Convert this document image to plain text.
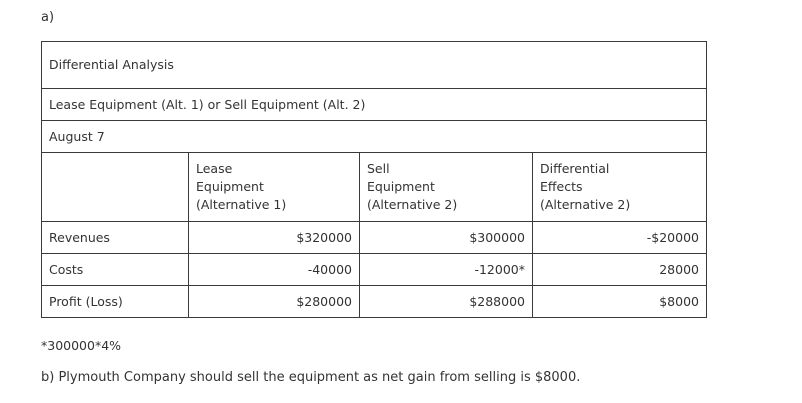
a)
Differential Analysis			
Lease Equipment (Alt. 1) or Sell Equipment (Alt. 2)			
August 7			

	Lease
Equipment
(Alternative 1)	Sell
Equipment
(Alternative 2)	Differential
Effects
(Alternative 2)

Revenues	$320000	$300000	-$20000
Costs	-40000	-12000*	28000
Profit (Loss)	$280000	$288000	$8000
*300000*4%
b) Plymouth Company should sell the equipment as net gain from selling is $8000.
